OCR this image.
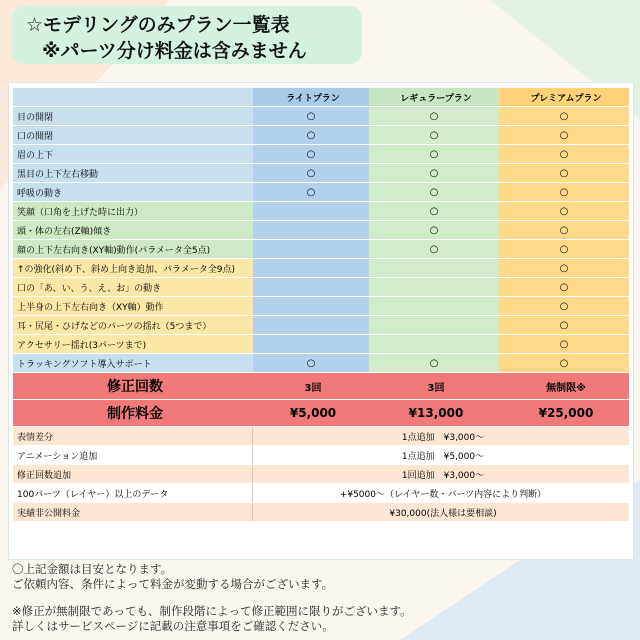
☆モデリングのみプラン一覧表
※パーツ分け料金は含みません
	ライトプラン	レギュラープラン	プレミアムプラン
目の開閉	○	○	○
口の開閉	○	○	○
眉の上下	○	○	○
黒目の上下左右移動	○	○	○
呼吸の動き	○	○	○
笑顔（口角を上げた時に出力）		○	○
頭・体の左右(Z軸)傾き		○	○
顔の上下左右向き(XY軸)動作(パラメータ全5点)		○	○
↑の強化(斜め下、斜め上向き追加、パラメータ全9点)			○
口の「あ、い、う、え、お」の動き			○
上半身の上下左右向き（XY軸）動作			○
耳・尻尾・ひげなどのパーツの揺れ（5つまで）			○
アクセサリー揺れ(3パーツまで)			○
トラッキングソフト導入サポート	○	○	○
修正回数	3回	3回	無制限※
制作料金	¥5,000	¥13,000	¥25,000
表情差分	1点追加　¥3,000～		
アニメーション追加	1点追加　¥5,000～		
修正回数追加	1回追加　¥3,000～		
100パーツ（レイヤー）以上のデータ	+¥5000～（レイヤー数・パーツ内容により判断）		
実績非公開料金	¥30,000(法人様は要相談)		
〇上記金額は目安となります。
ご依頼内容、条件によって料金が変動する場合がございます。
※修正が無制限であっても、制作段階によって修正範囲に限りがございます。
詳しくはサービスページに記載の注意事項をご確認ください。
